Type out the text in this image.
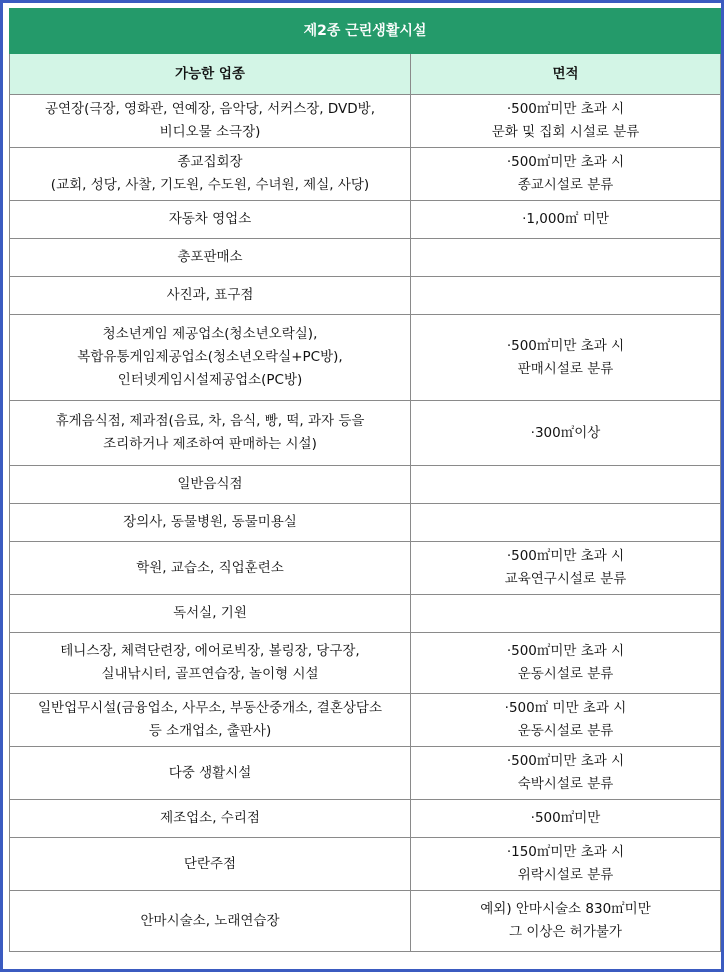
제2종 근린생활시설	
가능한 업종	면적

공연장(극장, 영화관, 연예장, 음악당, 서커스장, DVD방,
비디오물 소극장)	·500㎡미만 초과 시
문화 및 집회 시설로 분류

종교집회장
(교회, 성당, 사찰, 기도원, 수도원, 수녀원, 제실, 사당)	·500㎡미만 초과 시
종교시설로 분류

자동차 영업소	·1,000㎡ 미만

총포판매소	

사진과, 표구점	

청소년게임 제공업소(청소년오락실),
복합유통게임제공업소(청소년오락실+PC방),
인터넷게임시설제공업소(PC방)	·500㎡미만 초과 시
판매시설로 분류

휴게음식점, 제과점(음료, 차, 음식, 빵, 떡, 과자 등을
조리하거나 제조하여 판매하는 시설)	·300㎡이상

일반음식점	

장의사, 동물병원, 동물미용실	

학원, 교습소, 직업훈련소	·500㎡미만 초과 시
교육연구시설로 분류

독서실, 기원	

테니스장, 체력단련장, 에어로빅장, 볼링장, 당구장,
실내낚시터, 골프연습장, 놀이형 시설	·500㎡미만 초과 시
운동시설로 분류

일반업무시설(금융업소, 사무소, 부동산중개소, 결혼상담소
등 소개업소, 출판사)	·500㎡ 미만 초과 시
운동시설로 분류

다중 생활시설	·500㎡미만 초과 시
숙박시설로 분류

제조업소, 수리점	·500㎡미만

단란주점	·150㎡미만 초과 시
위락시설로 분류

안마시술소, 노래연습장	예외) 안마시술소 830㎡미만
그 이상은 허가불가
